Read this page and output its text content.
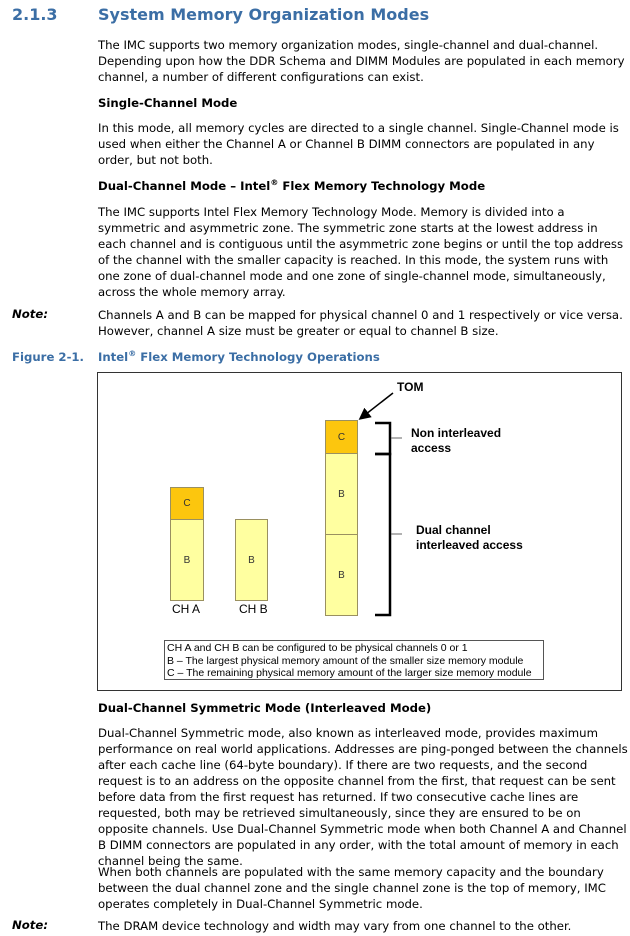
2.1.3	System Memory Organization Modes
The IMC supports two memory organization modes, single-channel and dual-channel. Depending upon how the DDR Schema and DIMM Modules are populated in each memory channel, a number of different configurations can exist.
Single-Channel Mode
In this mode, all memory cycles are directed to a single channel. Single-Channel mode is used when either the Channel A or Channel B DIMM connectors are populated in any order, but not both.
Dual-Channel Mode – Intel® Flex Memory Technology Mode
The IMC supports Intel Flex Memory Technology Mode. Memory is divided into a symmetric and asymmetric zone. The symmetric zone starts at the lowest address in each channel and is contiguous until the asymmetric zone begins or until the top address of the channel with the smaller capacity is reached. In this mode, the system runs with one zone of dual-channel mode and one zone of single-channel mode, simultaneously, across the whole memory array.
Note:	Channels A and B can be mapped for physical channel 0 and 1 respectively or vice versa. However, channel A size must be greater or equal to channel B size.
Figure 2-1. Intel® Flex Memory Technology Operations
C
B
CH A
B
CH B
C
B
B
TOM
Non interleaved
access
Dual channel
interleaved access
CH A and CH B can be configured to be physical channels 0 or 1
B – The largest physical memory amount of the smaller size memory module
C – The remaining physical memory amount of the larger size memory module
Dual-Channel Symmetric Mode (Interleaved Mode)
Dual-Channel Symmetric mode, also known as interleaved mode, provides maximum performance on real world applications. Addresses are ping-ponged between the channels after each cache line (64-byte boundary). If there are two requests, and the second request is to an address on the opposite channel from the first, that request can be sent before data from the first request has returned. If two consecutive cache lines are requested, both may be retrieved simultaneously, since they are ensured to be on opposite channels. Use Dual-Channel Symmetric mode when both Channel A and Channel B DIMM connectors are populated in any order, with the total amount of memory in each channel being the same.
When both channels are populated with the same memory capacity and the boundary between the dual channel zone and the single channel zone is the top of memory, IMC operates completely in Dual-Channel Symmetric mode.
Note:	The DRAM device technology and width may vary from one channel to the other.
